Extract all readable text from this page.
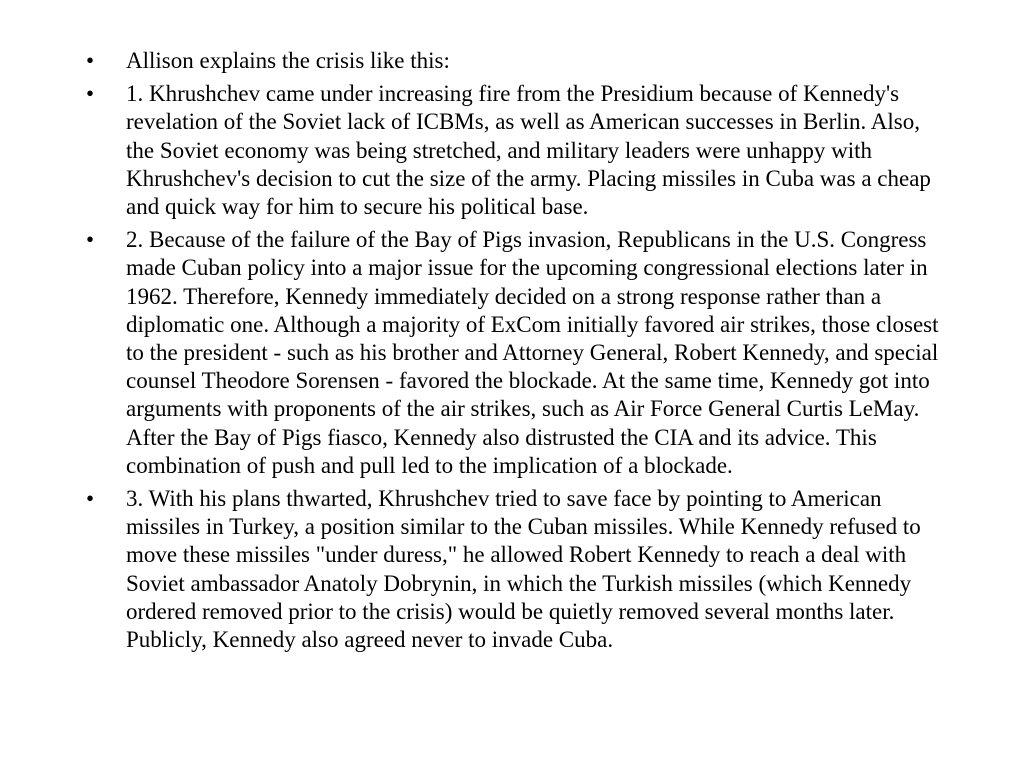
•	Allison explains the crisis like this:
•	1. Khrushchev came under increasing fire from the Presidium because of Kennedy's revelation of the Soviet lack of ICBMs, as well as American successes in Berlin. Also, the Soviet economy was being stretched, and military leaders were unhappy with Khrushchev's decision to cut the size of the army. Placing missiles in Cuba was a cheap and quick way for him to secure his political base.
•	2. Because of the failure of the Bay of Pigs invasion, Republicans in the U.S. Congress made Cuban policy into a major issue for the upcoming congressional elections later in 1962. Therefore, Kennedy immediately decided on a strong response rather than a diplomatic one. Although a majority of ExCom initially favored air strikes, those closest to the president - such as his brother and Attorney General, Robert Kennedy, and special counsel Theodore Sorensen - favored the blockade. At the same time, Kennedy got into arguments with proponents of the air strikes, such as Air Force General Curtis LeMay. After the Bay of Pigs fiasco, Kennedy also distrusted the CIA and its advice. This combination of push and pull led to the implication of a blockade.
•	3. With his plans thwarted, Khrushchev tried to save face by pointing to American missiles in Turkey, a position similar to the Cuban missiles. While Kennedy refused to move these missiles "under duress," he allowed Robert Kennedy to reach a deal with Soviet ambassador Anatoly Dobrynin, in which the Turkish missiles (which Kennedy ordered removed prior to the crisis) would be quietly removed several months later. Publicly, Kennedy also agreed never to invade Cuba.
